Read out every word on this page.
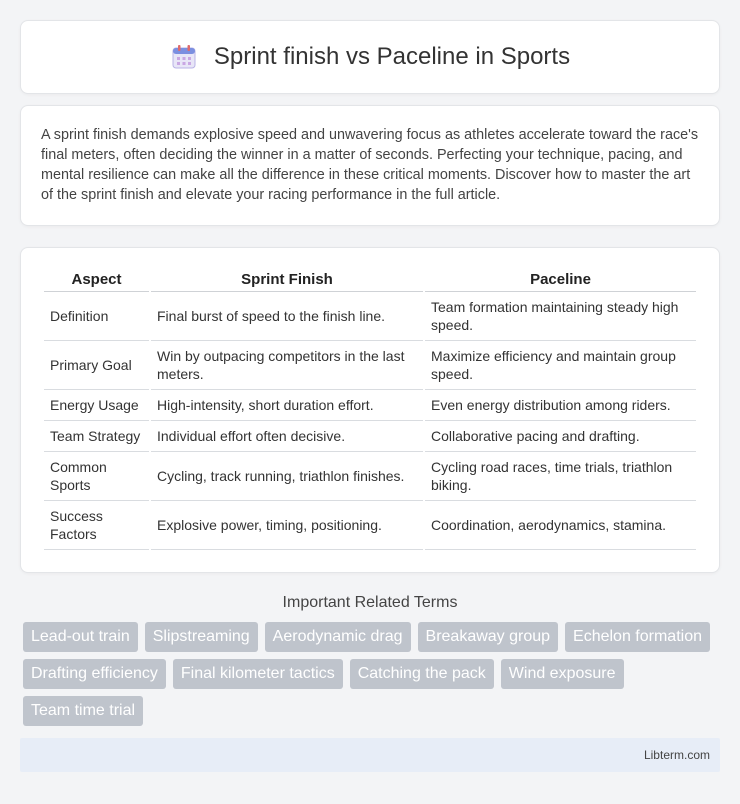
Sprint finish vs Paceline in Sports

A sprint finish demands explosive speed and unwavering focus as athletes accelerate toward the race's final meters, often deciding the winner in a matter of seconds. Perfecting your technique, pacing, and mental resilience can make all the difference in these critical moments. Discover how to master the art of the sprint finish and elevate your racing performance in the full article.

Aspect	Sprint Finish	Paceline
Definition	Final burst of speed to the finish line.	Team formation maintaining steady high speed.
Primary Goal	Win by outpacing competitors in the last meters.	Maximize efficiency and maintain group speed.
Energy Usage	High-intensity, short duration effort.	Even energy distribution among riders.
Team Strategy	Individual effort often decisive.	Collaborative pacing and drafting.
Common Sports	Cycling, track running, triathlon finishes.	Cycling road races, time trials, triathlon biking.
Success Factors	Explosive power, timing, positioning.	Coordination, aerodynamics, stamina.
Important Related Terms
Lead-out train	Slipstreaming	Aerodynamic drag	Breakaway group	Echelon formation
Drafting efficiency	Final kilometer tactics	Catching the pack	Wind exposure
Team time trial
Libterm.com
